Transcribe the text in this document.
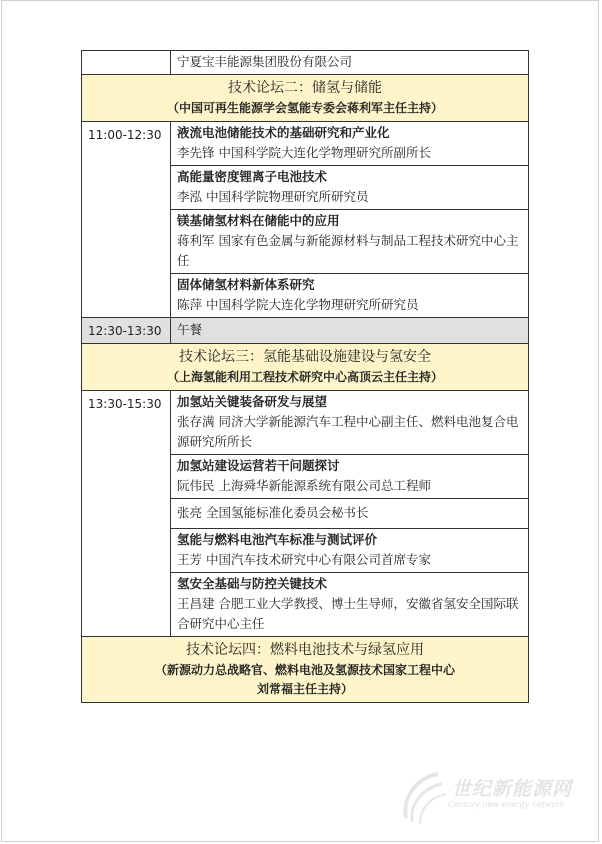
	宁夏宝丰能源集团股份有限公司

技术论坛二：储氢与储能
（中国可再生能源学会氢能专委会蒋利军主任主持）	

11:00-12:30	液流电池储能技术的基础研究和产业化
李先锋 中国科学院大连化学物理研究所副所长

	高能量密度锂离子电池技术
李泓 中国科学院物理研究所研究员

	镁基储氢材料在储能中的应用
蒋利军 国家有色金属与新能源材料与制品工程技术研究中心主任

	固体储氢材料新体系研究
陈萍 中国科学院大连化学物理研究所研究员

12:30-13:30	午餐

技术论坛三：氢能基础设施建设与氢安全
（上海氢能利用工程技术研究中心高顶云主任主持）	

13:30-15:30	加氢站关键装备研发与展望
张存满 同济大学新能源汽车工程中心副主任、燃料电池复合电源研究所所长

	加氢站建设运营若干问题探讨
阮伟民 上海舜华新能源系统有限公司总工程师

	张亮 全国氢能标准化委员会秘书长

	氢能与燃料电池汽车标准与测试评价
王芳 中国汽车技术研究中心有限公司首席专家

	氢安全基础与防控关键技术
王昌建 合肥工业大学教授、博士生导师，安徽省氢安全国际联合研究中心主任

技术论坛四：燃料电池技术与绿氢应用
（新源动力总战略官、燃料电池及氢源技术国家工程中心
刘常福主任主持）	
世纪新能源网
Century new energy network
